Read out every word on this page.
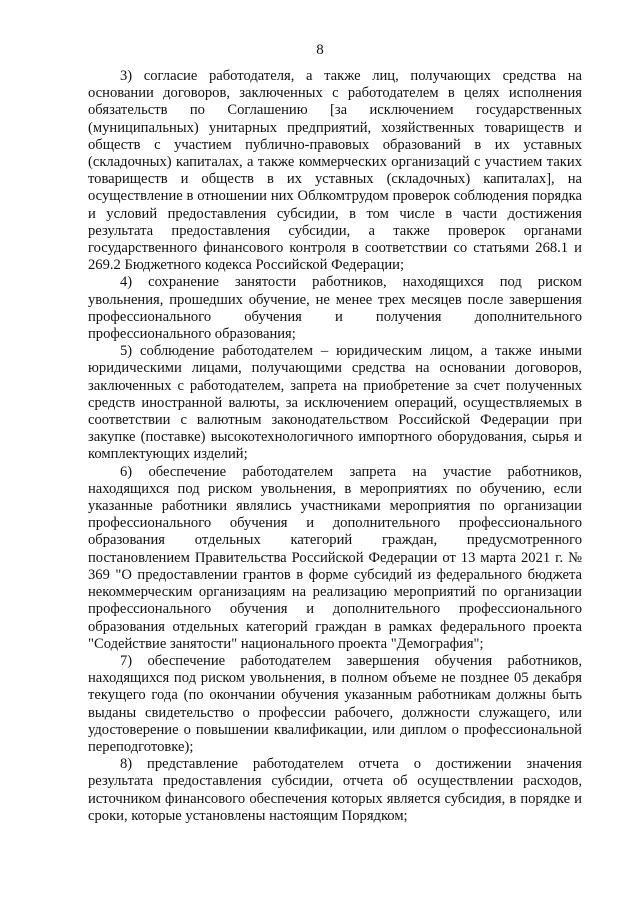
8

3) согласие работодателя, а также лиц, получающих средства на основании договоров, заключенных с работодателем в целях исполнения обязательств по Соглашению [за исключением государственных (муниципальных) унитарных предприятий, хозяйственных товариществ и обществ с участием публично-правовых образований в их уставных (складочных) капиталах, а также коммерческих организаций с участием таких товариществ и обществ в их уставных (складочных) капиталах], на осуществление в отношении них Облкомтрудом проверок соблюдения порядка и условий предоставления субсидии, в том числе в части достижения результата предоставления субсидии, а также проверок органами государственного финансового контроля в соответствии со статьями 268.1 и 269.2 Бюджетного кодекса Российской Федерации;

4) сохранение занятости работников, находящихся под риском увольнения, прошедших обучение, не менее трех месяцев после завершения профессионального обучения и получения дополнительного профессионального образования;

5) соблюдение работодателем – юридическим лицом, а также иными юридическими лицами, получающими средства на основании договоров, заключенных с работодателем, запрета на приобретение за счет полученных средств иностранной валюты, за исключением операций, осуществляемых в соответствии с валютным законодательством Российской Федерации при закупке (поставке) высокотехнологичного импортного оборудования, сырья и комплектующих изделий;

6) обеспечение работодателем запрета на участие работников, находящихся под риском увольнения, в мероприятиях по обучению, если указанные работники являлись участниками мероприятия по организации профессионального обучения и дополнительного профессионального образования отдельных категорий граждан, предусмотренного постановлением Правительства Российской Федерации от 13 марта 2021 г. № 369 "О предоставлении грантов в форме субсидий из федерального бюджета некоммерческим организациям на реализацию мероприятий по организации профессионального обучения и дополнительного профессионального образования отдельных категорий граждан в рамках федерального проекта "Содействие занятости" национального проекта "Демография";

7) обеспечение работодателем завершения обучения работников, находящихся под риском увольнения, в полном объеме не позднее 05 декабря текущего года (по окончании обучения указанным работникам должны быть выданы свидетельство о профессии рабочего, должности служащего, или удостоверение о повышении квалификации, или диплом о профессиональной переподготовке);

8) представление работодателем отчета о достижении значения результата предоставления субсидии, отчета об осуществлении расходов, источником финансового обеспечения которых является субсидия, в порядке и сроки, которые установлены настоящим Порядком;
